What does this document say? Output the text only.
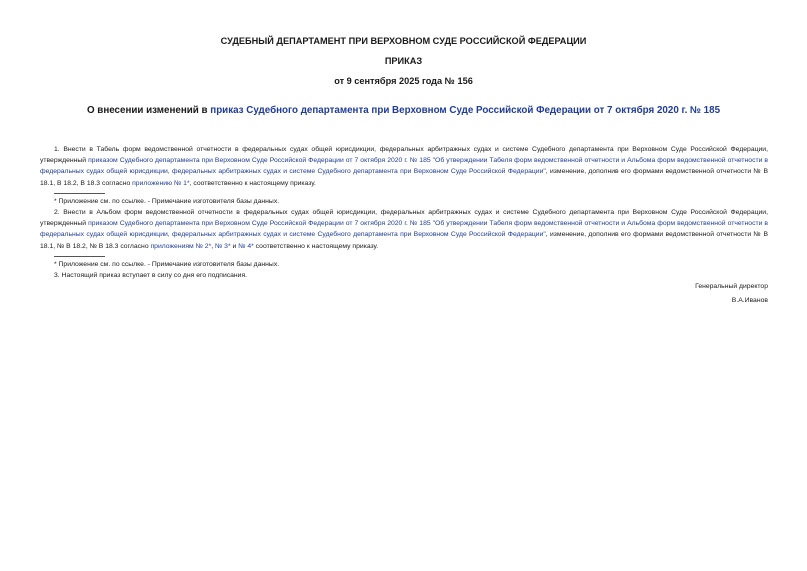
СУДЕБНЫЙ ДЕПАРТАМЕНТ ПРИ ВЕРХОВНОМ СУДЕ РОССИЙСКОЙ ФЕДЕРАЦИИ
ПРИКАЗ
от 9 сентября 2025 года № 156
О внесении изменений в приказ Судебного департамента при Верховном Суде Российской Федерации от 7 октября 2020 г. № 185
1. Внести в Табель форм ведомственной отчетности в федеральных судах общей юрисдикции, федеральных арбитражных судах и системе Судебного департамента при Верховном Суде Российской Федерации, утвержденный приказом Судебного департамента при Верховном Суде Российской Федерации от 7 октября 2020 г. № 185 "Об утверждении Табеля форм ведомственной отчетности и Альбома форм ведомственной отчетности в федеральных судах общей юрисдикции, федеральных арбитражных судах и системе Судебного департамента при Верховном Суде Российской Федерации", изменение, дополнив его формами ведомственной отчетности № В 18.1, В 18.2, В 18.3 согласно приложению № 1*, соответственно к настоящему приказу.
* Приложение см. по ссылке. - Примечание изготовителя базы данных.
2. Внести в Альбом форм ведомственной отчетности в федеральных судах общей юрисдикции, федеральных арбитражных судах и системе Судебного департамента при Верховном Суде Российской Федерации, утвержденный приказом Судебного департамента при Верховном Суде Российской Федерации от 7 октября 2020 г. № 185 "Об утверждении Табеля форм ведомственной отчетности и Альбома форм ведомственной отчетности в федеральных судах общей юрисдикции, федеральных арбитражных судах и системе Судебного департамента при Верховном Суде Российской Федерации", изменение, дополнив его формами ведомственной отчетности № В 18.1, № В 18.2, № В 18.3 согласно приложениям № 2*, № 3* и № 4* соответственно к настоящему приказу.
* Приложение см. по ссылке. - Примечание изготовителя базы данных.
3. Настоящий приказ вступает в силу со дня его подписания.
Генеральный директор
В.А.Иванов
